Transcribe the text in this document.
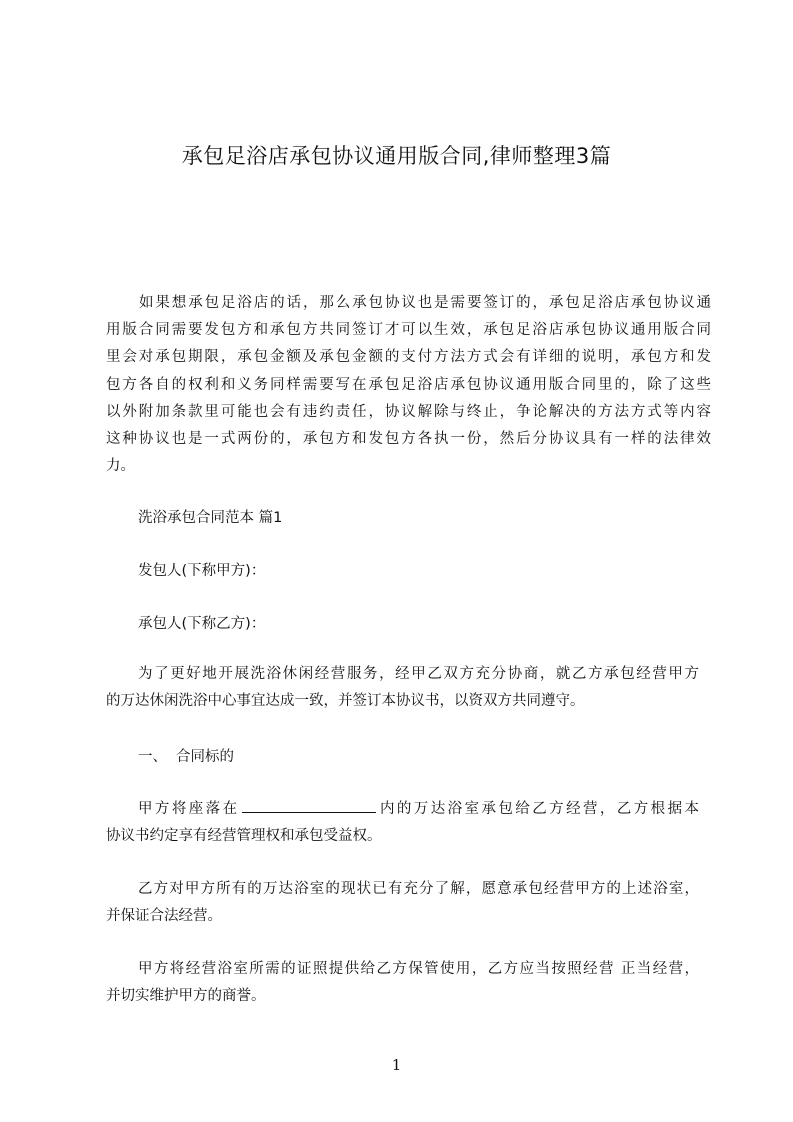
承包足浴店承包协议通用版合同,律师整理3篇
如果想承包足浴店的话，那么承包协议也是需要签订的，承包足浴店承包协议通
用版合同需要发包方和承包方共同签订才可以生效，承包足浴店承包协议通用版合同
里会对承包期限，承包金额及承包金额的支付方法方式会有详细的说明，承包方和发
包方各自的权利和义务同样需要写在承包足浴店承包协议通用版合同里的，除了这些
以外附加条款里可能也会有违约责任，协议解除与终止，争论解决的方法方式等内容
这种协议也是一式两份的，承包方和发包方各执一份，然后分协议具有一样的法律效
力。
洗浴承包合同范本 篇1
发包人(下称甲方)：
承包人(下称乙方)：
为了更好地开展洗浴休闲经营服务，经甲乙双方充分协商，就乙方承包经营甲方
的万达休闲洗浴中心事宜达成一致，并签订本协议书，以资双方共同遵守。
一、 合同标的
甲方将座落在	内的万达浴室承包给乙方经营，乙方根据本
协议书约定享有经营管理权和承包受益权。
乙方对甲方所有的万达浴室的现状已有充分了解，愿意承包经营甲方的上述浴室，
并保证合法经营。
甲方将经营浴室所需的证照提供给乙方保管使用，乙方应当按照经营 正当经营，
并切实维护甲方的商誉。
1
